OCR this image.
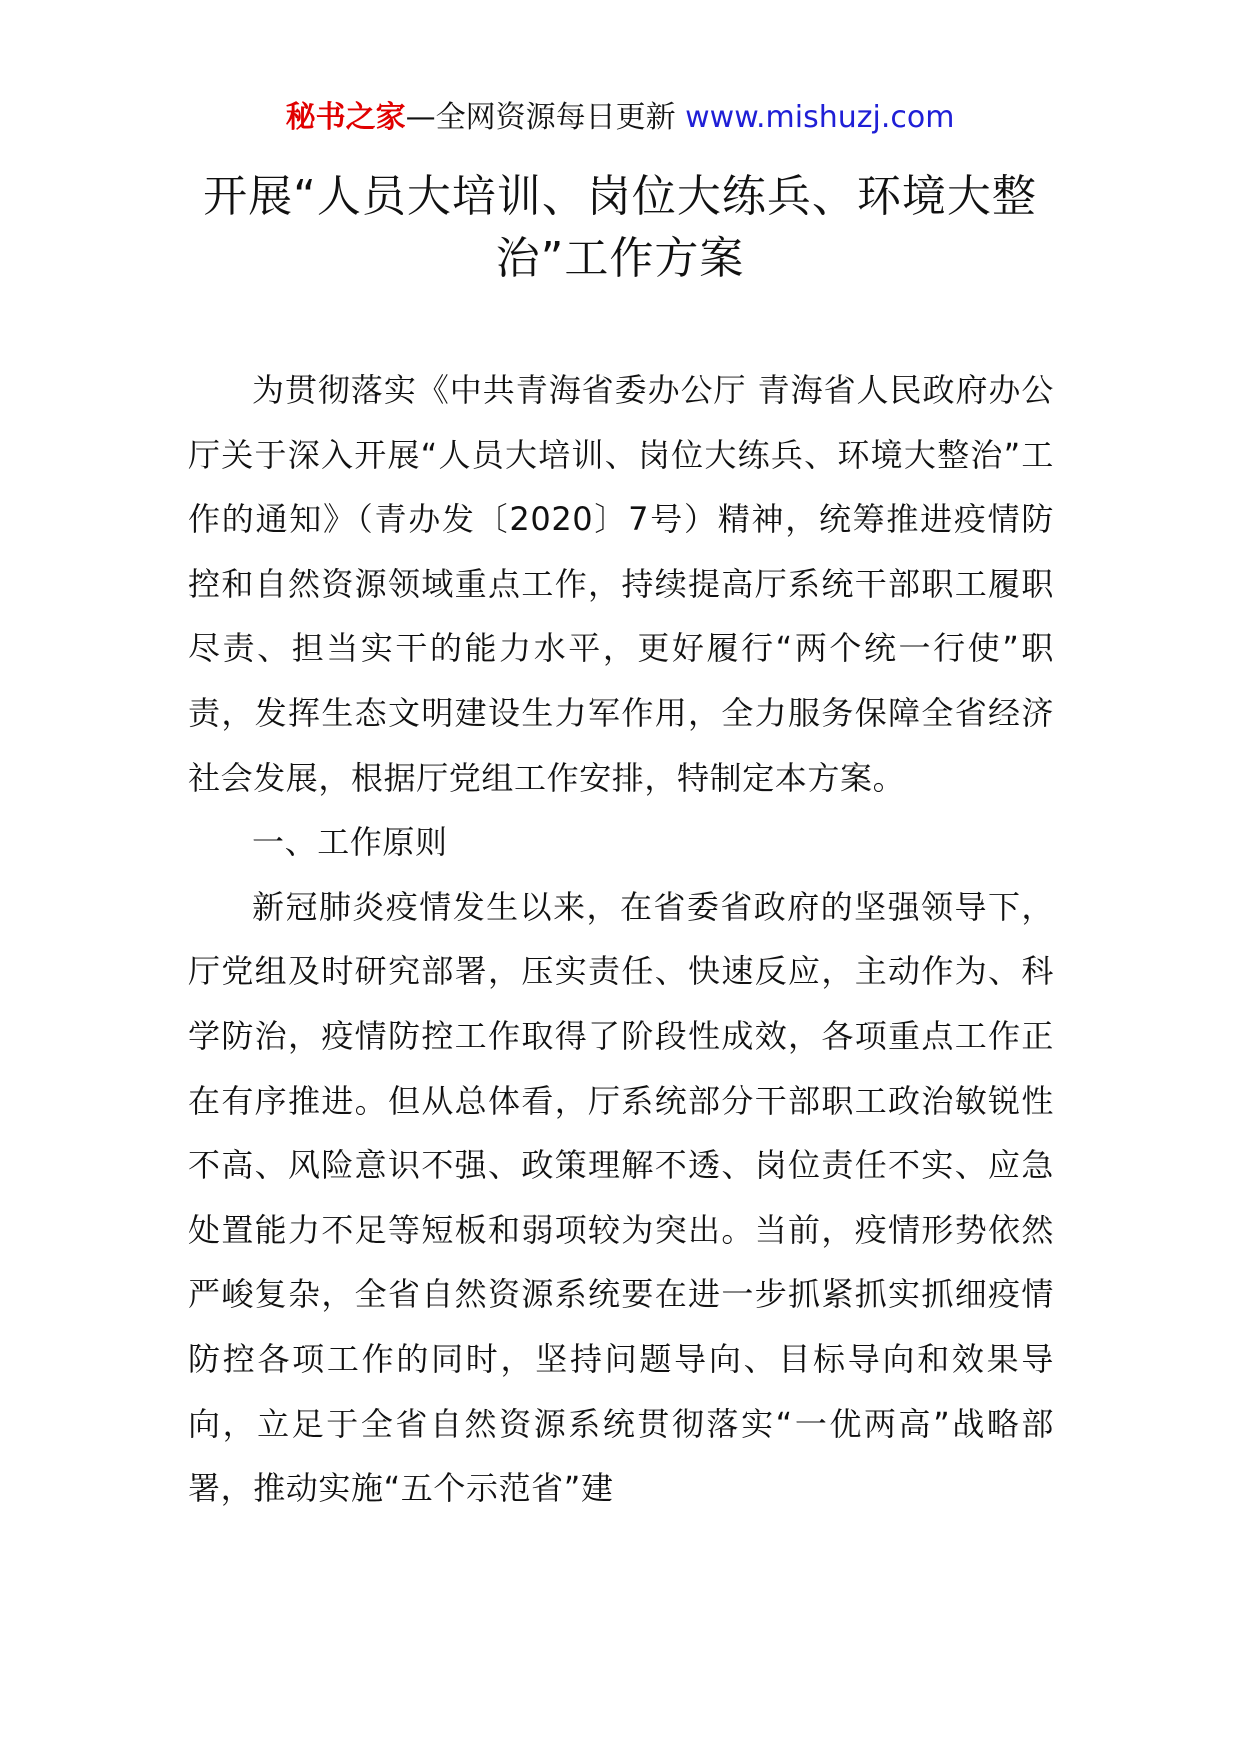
秘书之家—全网资源每日更新 www.mishuzj.com
开展“人员大培训、岗位大练兵、环境大整治”工作方案

为贯彻落实《中共青海省委办公厅 青海省人民政府办公厅关于深入开展“人员大培训、岗位大练兵、环境大整治”工作的通知》（青办发〔2020〕7号）精神，统筹推进疫情防控和自然资源领域重点工作，持续提高厅系统干部职工履职尽责、担当实干的能力水平，更好履行“两个统一行使”职责，发挥生态文明建设生力军作用，全力服务保障全省经济社会发展，根据厅党组工作安排，特制定本方案。

一、工作原则

新冠肺炎疫情发生以来，在省委省政府的坚强领导下，厅党组及时研究部署，压实责任、快速反应，主动作为、科学防治，疫情防控工作取得了阶段性成效，各项重点工作正在有序推进。但从总体看，厅系统部分干部职工政治敏锐性不高、风险意识不强、政策理解不透、岗位责任不实、应急处置能力不足等短板和弱项较为突出。当前，疫情形势依然严峻复杂，全省自然资源系统要在进一步抓紧抓实抓细疫情防控各项工作的同时，坚持问题导向、目标导向和效果导向，立足于全省自然资源系统贯彻落实“一优两高”战略部署，推动实施“五个示范省”建
